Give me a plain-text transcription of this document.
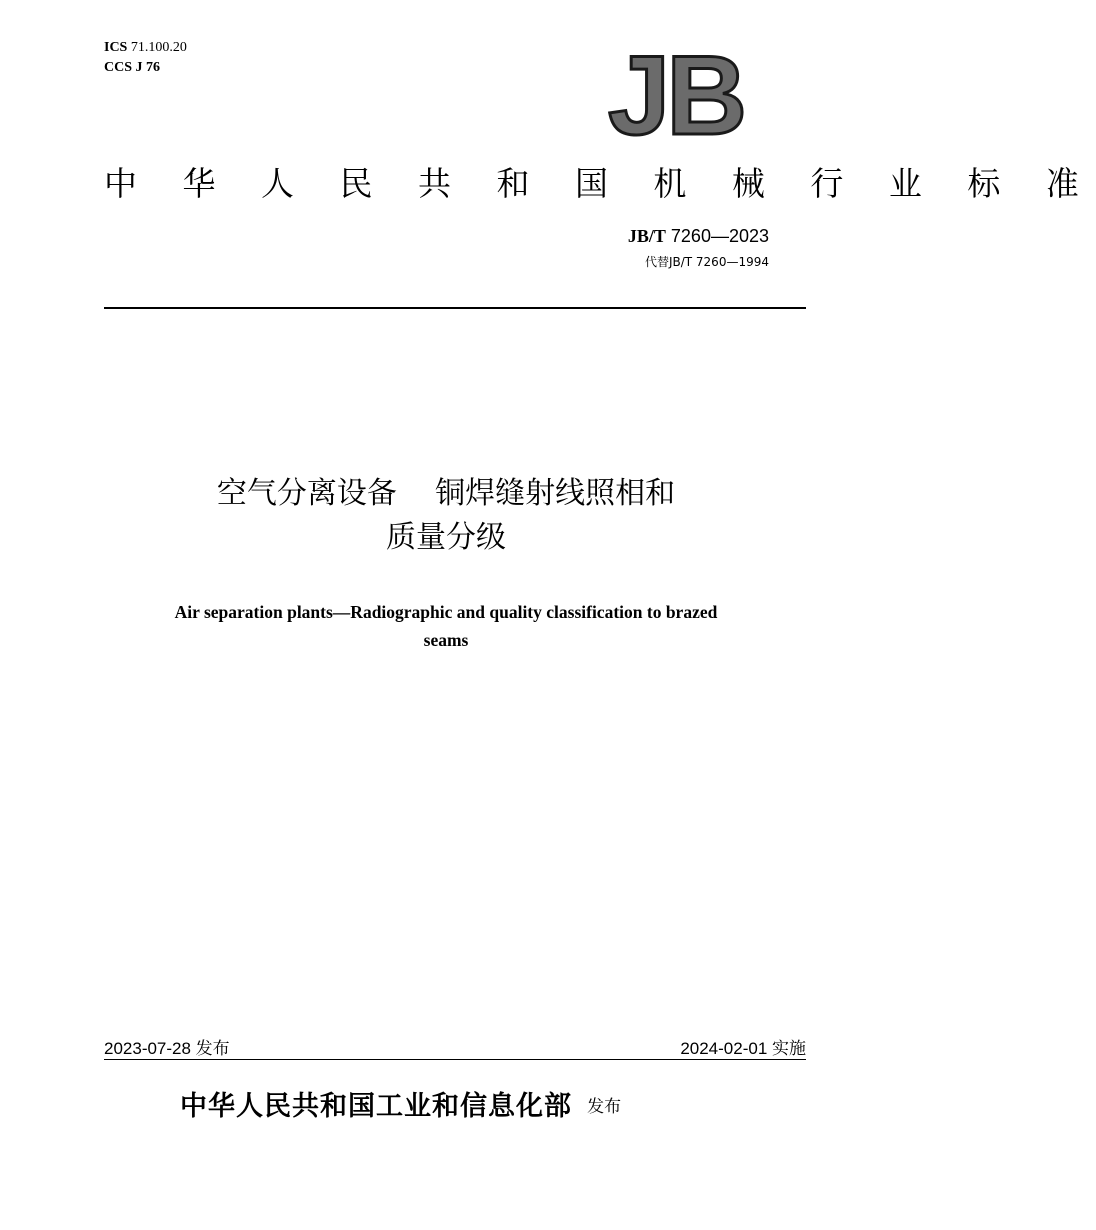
ICS 71.100.20
CCS J 76	JB
中 华 人 民 共 和 国 机 械 行 业 标 准
JB/T 7260—2023
代替JB/T 7260—1994
空气分离设备    铜焊缝射线照相和
质量分级
Air separation plants—Radiographic and quality classification to brazed
seams
2023-07-28 发布	2024-02-01 实施
中华人民共和国工业和信息化部 发布
